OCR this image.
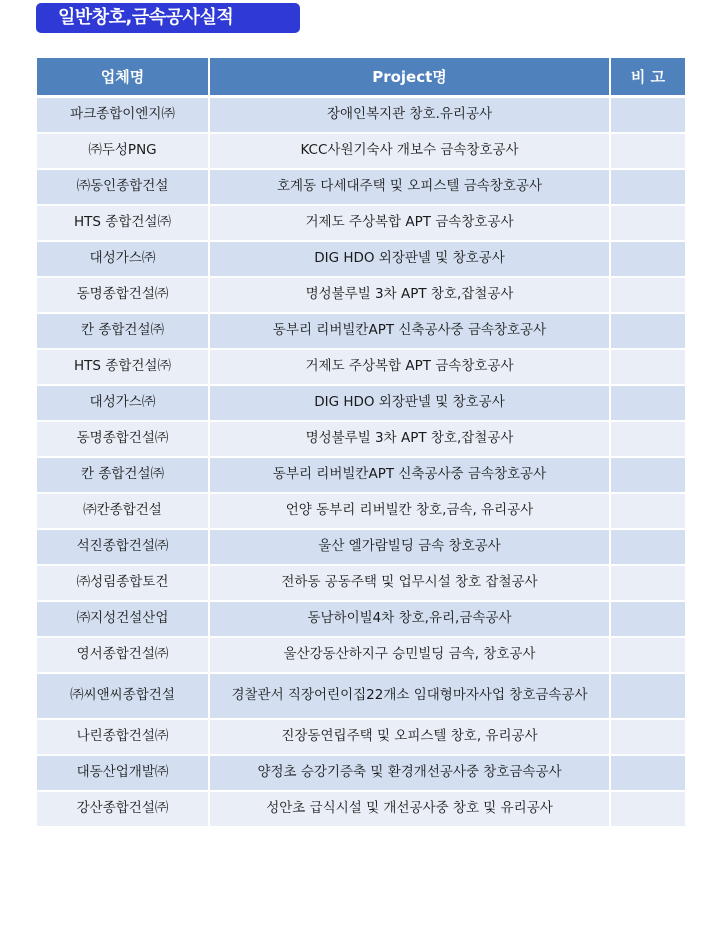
일반창호,금속공사실적
업체명	Project명	비 고
파크종합이엔지㈜	장애인복지관 창호.유리공사	
㈜두성PNG	KCC사원기숙사 개보수 금속창호공사	
㈜동인종합건설	호계동 다세대주택 및 오피스텔 금속창호공사	
HTS 종합건설㈜	거제도 주상복합 APT 금속창호공사	
대성가스㈜	DIG HDO 외장판넬 및 창호공사	
동명종합건설㈜	명성불루빌 3차 APT 창호,잡철공사	
칸 종합건설㈜	동부리 리버빌칸APT 신축공사중 금속창호공사	
HTS 종합건설㈜	거제도 주상복합 APT 금속창호공사	
대성가스㈜	DIG HDO 외장판넬 및 창호공사	
동명종합건설㈜	명성불루빌 3차 APT 창호,잡철공사	
칸 종합건설㈜	동부리 리버빌칸APT 신축공사중 금속창호공사	
㈜칸종합건설	언양 동부리 리버빌칸 창호,금속, 유리공사	
석진종합건설㈜	울산 엘가람빌딩 금속 창호공사	
㈜성림종합토건	전하동 공동주택 및 업무시설 창호 잡철공사	
㈜지성건설산업	동남하이빌4차 창호,유리,금속공사	
영서종합건설㈜	울산강동산하지구 승민빌딩 금속, 창호공사	
㈜씨앤씨종합건설	경찰관서 직장어린이집22개소 임대형마자사업 창호금속공사	
나린종합건설㈜	진장동연립주택 및 오피스텔 창호, 유리공사	
대동산업개발㈜	양정초 승강기증축 및 환경개선공사중 창호금속공사	
강산종합건설㈜	성안초 급식시설 및 개선공사중 창호 및 유리공사	
